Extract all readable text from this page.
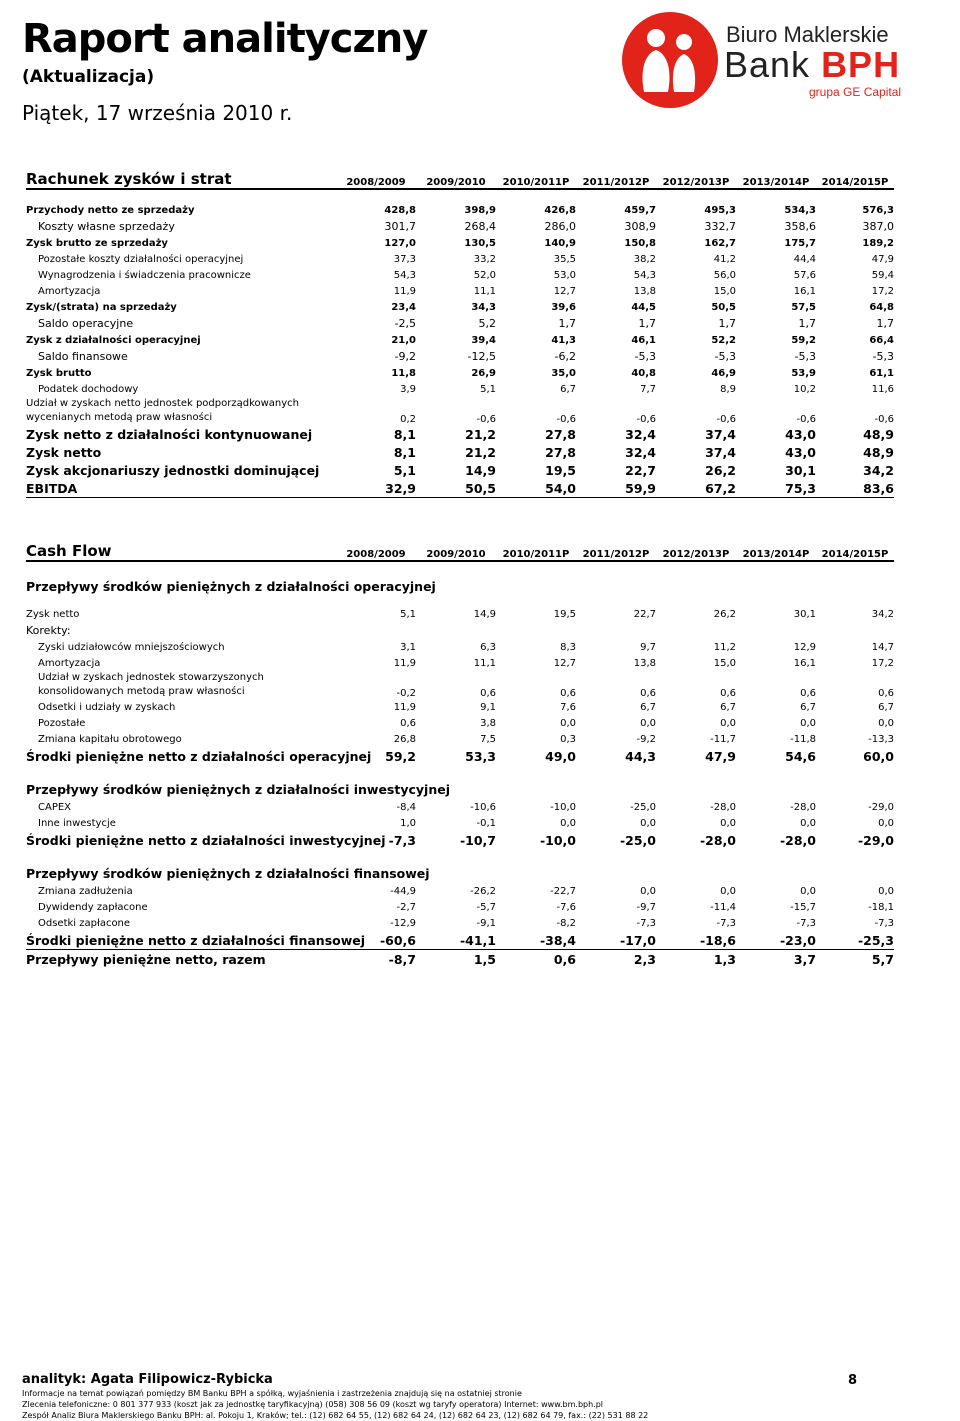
Raport analityczny
(Aktualizacja)
Piątek, 17 września 2010 r.
Biuro Maklerskie
Bank BPH
grupa GE Capital
Rachunek zysków i strat	2008/2009	2009/2010	2010/2011P	2011/2012P	2012/2013P	2013/2014P	2014/2015P

Przychody netto ze sprzedaży	428,8	398,9	426,8	459,7	495,3	534,3	576,3
Koszty własne sprzedaży	301,7	268,4	286,0	308,9	332,7	358,6	387,0
Zysk brutto ze sprzedaży	127,0	130,5	140,9	150,8	162,7	175,7	189,2
Pozostałe koszty działalności operacyjnej	37,3	33,2	35,5	38,2	41,2	44,4	47,9
Wynagrodzenia i świadczenia pracownicze	54,3	52,0	53,0	54,3	56,0	57,6	59,4
Amortyzacja	11,9	11,1	12,7	13,8	15,0	16,1	17,2
Zysk/(strata) na sprzedaży	23,4	34,3	39,6	44,5	50,5	57,5	64,8
Saldo operacyjne	-2,5	5,2	1,7	1,7	1,7	1,7	1,7
Zysk z działalności operacyjnej	21,0	39,4	41,3	46,1	52,2	59,2	66,4
Saldo finansowe	-9,2	-12,5	-6,2	-5,3	-5,3	-5,3	-5,3
Zysk brutto	11,8	26,9	35,0	40,8	46,9	53,9	61,1
Podatek dochodowy	3,9	5,1	6,7	7,7	8,9	10,2	11,6

Udział w zyskach netto jednostek podporządkowanych
wycenianych metodą praw własności	0,2	-0,6	-0,6	-0,6	-0,6	-0,6	-0,6
Zysk netto z działalności kontynuowanej	8,1	21,2	27,8	32,4	37,4	43,0	48,9
Zysk netto	8,1	21,2	27,8	32,4	37,4	43,0	48,9
Zysk akcjonariuszy jednostki dominującej	5,1	14,9	19,5	22,7	26,2	30,1	34,2
EBITDA	32,9	50,5	54,0	59,9	67,2	75,3	83,6
Cash Flow	2008/2009	2009/2010	2010/2011P	2011/2012P	2012/2013P	2013/2014P	2014/2015P

Przepływy środków pieniężnych z działalności operacyjnej							

Zysk netto	5,1	14,9	19,5	22,7	26,2	30,1	34,2
Korekty:							
Zyski udziałowców mniejszościowych	3,1	6,3	8,3	9,7	11,2	12,9	14,7
Amortyzacja	11,9	11,1	12,7	13,8	15,0	16,1	17,2

Udział w zyskach jednostek stowarzyszonych
konsolidowanych metodą praw własności	-0,2	0,6	0,6	0,6	0,6	0,6	0,6
Odsetki i udziały w zyskach	11,9	9,1	7,6	6,7	6,7	6,7	6,7
Pozostałe	0,6	3,8	0,0	0,0	0,0	0,0	0,0
Zmiana kapitału obrotowego	26,8	7,5	0,3	-9,2	-11,7	-11,8	-13,3
Środki pieniężne netto z działalności operacyjnej	59,2	53,3	49,0	44,3	47,9	54,6	60,0

Przepływy środków pieniężnych z działalności inwestycyjnej							
CAPEX	-8,4	-10,6	-10,0	-25,0	-28,0	-28,0	-29,0
Inne inwestycje	1,0	-0,1	0,0	0,0	0,0	0,0	0,0
Środki pieniężne netto z działalności inwestycyjnej	-7,3	-10,7	-10,0	-25,0	-28,0	-28,0	-29,0

Przepływy środków pieniężnych z działalności finansowej							
Zmiana zadłużenia	-44,9	-26,2	-22,7	0,0	0,0	0,0	0,0
Dywidendy zapłacone	-2,7	-5,7	-7,6	-9,7	-11,4	-15,7	-18,1
Odsetki zapłacone	-12,9	-9,1	-8,2	-7,3	-7,3	-7,3	-7,3
Środki pieniężne netto z działalności finansowej	-60,6	-41,1	-38,4	-17,0	-18,6	-23,0	-25,3
Przepływy pieniężne netto, razem	-8,7	1,5	0,6	2,3	1,3	3,7	5,7
analityk: Agata Filipowicz-Rybicka	8
Informacje na temat powiązań pomiędzy BM Banku BPH a spółką, wyjaśnienia i zastrzeżenia znajdują się na ostatniej stronie
Zlecenia telefoniczne: 0 801 377 933 (koszt jak za jednostkę taryfikacyjną) (058) 308 56 09 (koszt wg taryfy operatora) Internet: www.bm.bph.pl
Zespół Analiz Biura Maklerskiego Banku BPH: al. Pokoju 1, Kraków; tel.: (12) 682 64 55, (12) 682 64 24, (12) 682 64 23, (12) 682 64 79, fax.: (22) 531 88 22
